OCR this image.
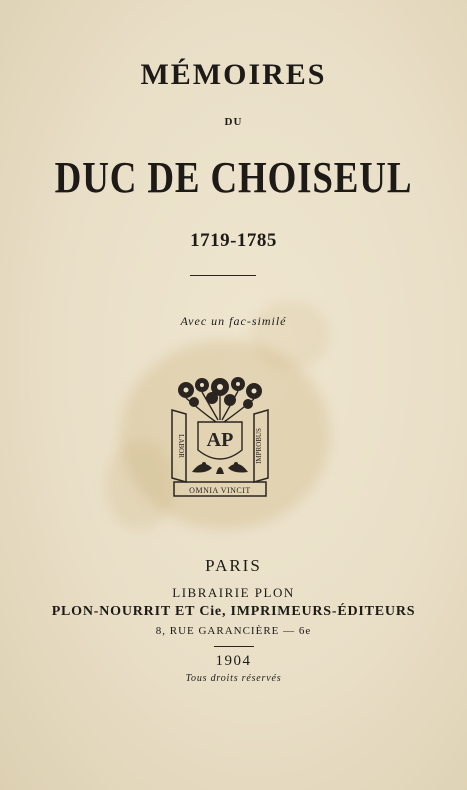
MÉMOIRES
DU
DUC DE CHOISEUL
1719-1785
Avec un fac-similé
AP
OMNIA VINCIT
LABOR	IMPROBUS
PARIS
LIBRAIRIE PLON
PLON-NOURRIT ET Cie, IMPRIMEURS-ÉDITEURS
8, RUE GARANCIÈRE — 6e
1904
Tous droits réservés
